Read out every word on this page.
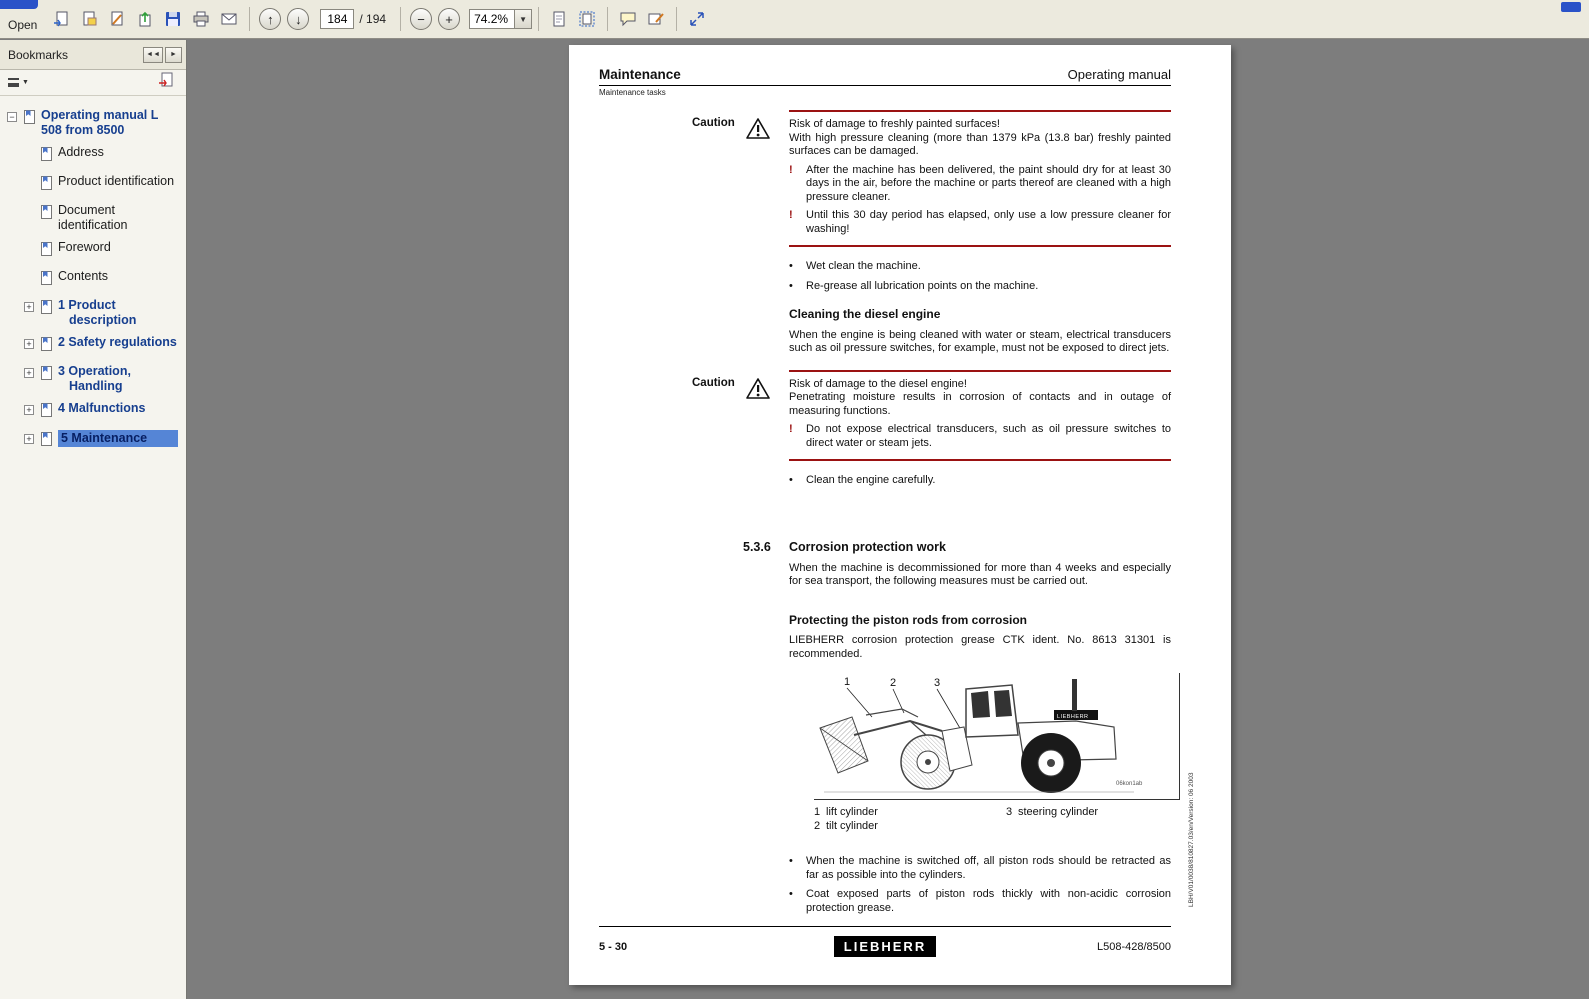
Open	↑ ↓
184	/ 194 − +
74.2%	▼
Bookmarks	◄◄ ►
▼
− Operating manual L 508 from 8500
Address
Product identification
Document identification
Foreword
Contents
+ 1 Product description
+ 2 Safety regulations
+ 3 Operation, Handling
+ 4 Malfunctions
+ 5 Maintenance
Maintenance	Operating manual
Maintenance tasks
Caution	Risk of damage to freshly painted surfaces!

With high pressure cleaning (more than 1379 kPa (13.8 bar) freshly painted surfaces can be damaged.

!	After the machine has been delivered, the paint should dry for at least 30 days in the air, before the machine or parts thereof are cleaned with a high pressure cleaner.
!	Until this 30 day period has elapsed, only use a low pressure cleaner for washing!
•	Wet clean the machine.
•	Re-grease all lubrication points on the machine.
Cleaning the diesel engine

When the engine is being cleaned with water or steam, electrical transducers such as oil pressure switches, for example, must not be exposed to direct jets.

Caution	Risk of damage to the diesel engine!

Penetrating moisture results in corrosion of contacts and in outage of measuring functions.

!	Do not expose electrical transducers, such as oil pressure switches to direct water or steam jets.
•	Clean the engine carefully.
5.3.6	Corrosion protection work

When the machine is decommissioned for more than 4 weeks and especially for sea transport, the following measures must be carried out.

Protecting the piston rods from corrosion

LIEBHERR corrosion protection grease CTK ident. No. 8613 31301 is recommended.

1	2	3
LIEBHERR
06kon1ab
1 lift cylinder
2 tilt cylinder
3 steering cylinder
•	When the machine is switched off, all piston rods should be retracted as far as possible into the cylinders.
•	Coat exposed parts of piston rods thickly with non-acidic corrosion protection grease.
5 - 30	LIEBHERR	L508-428/8500
LBH/V01/0038/810827.03/en/Version: 06 2003
